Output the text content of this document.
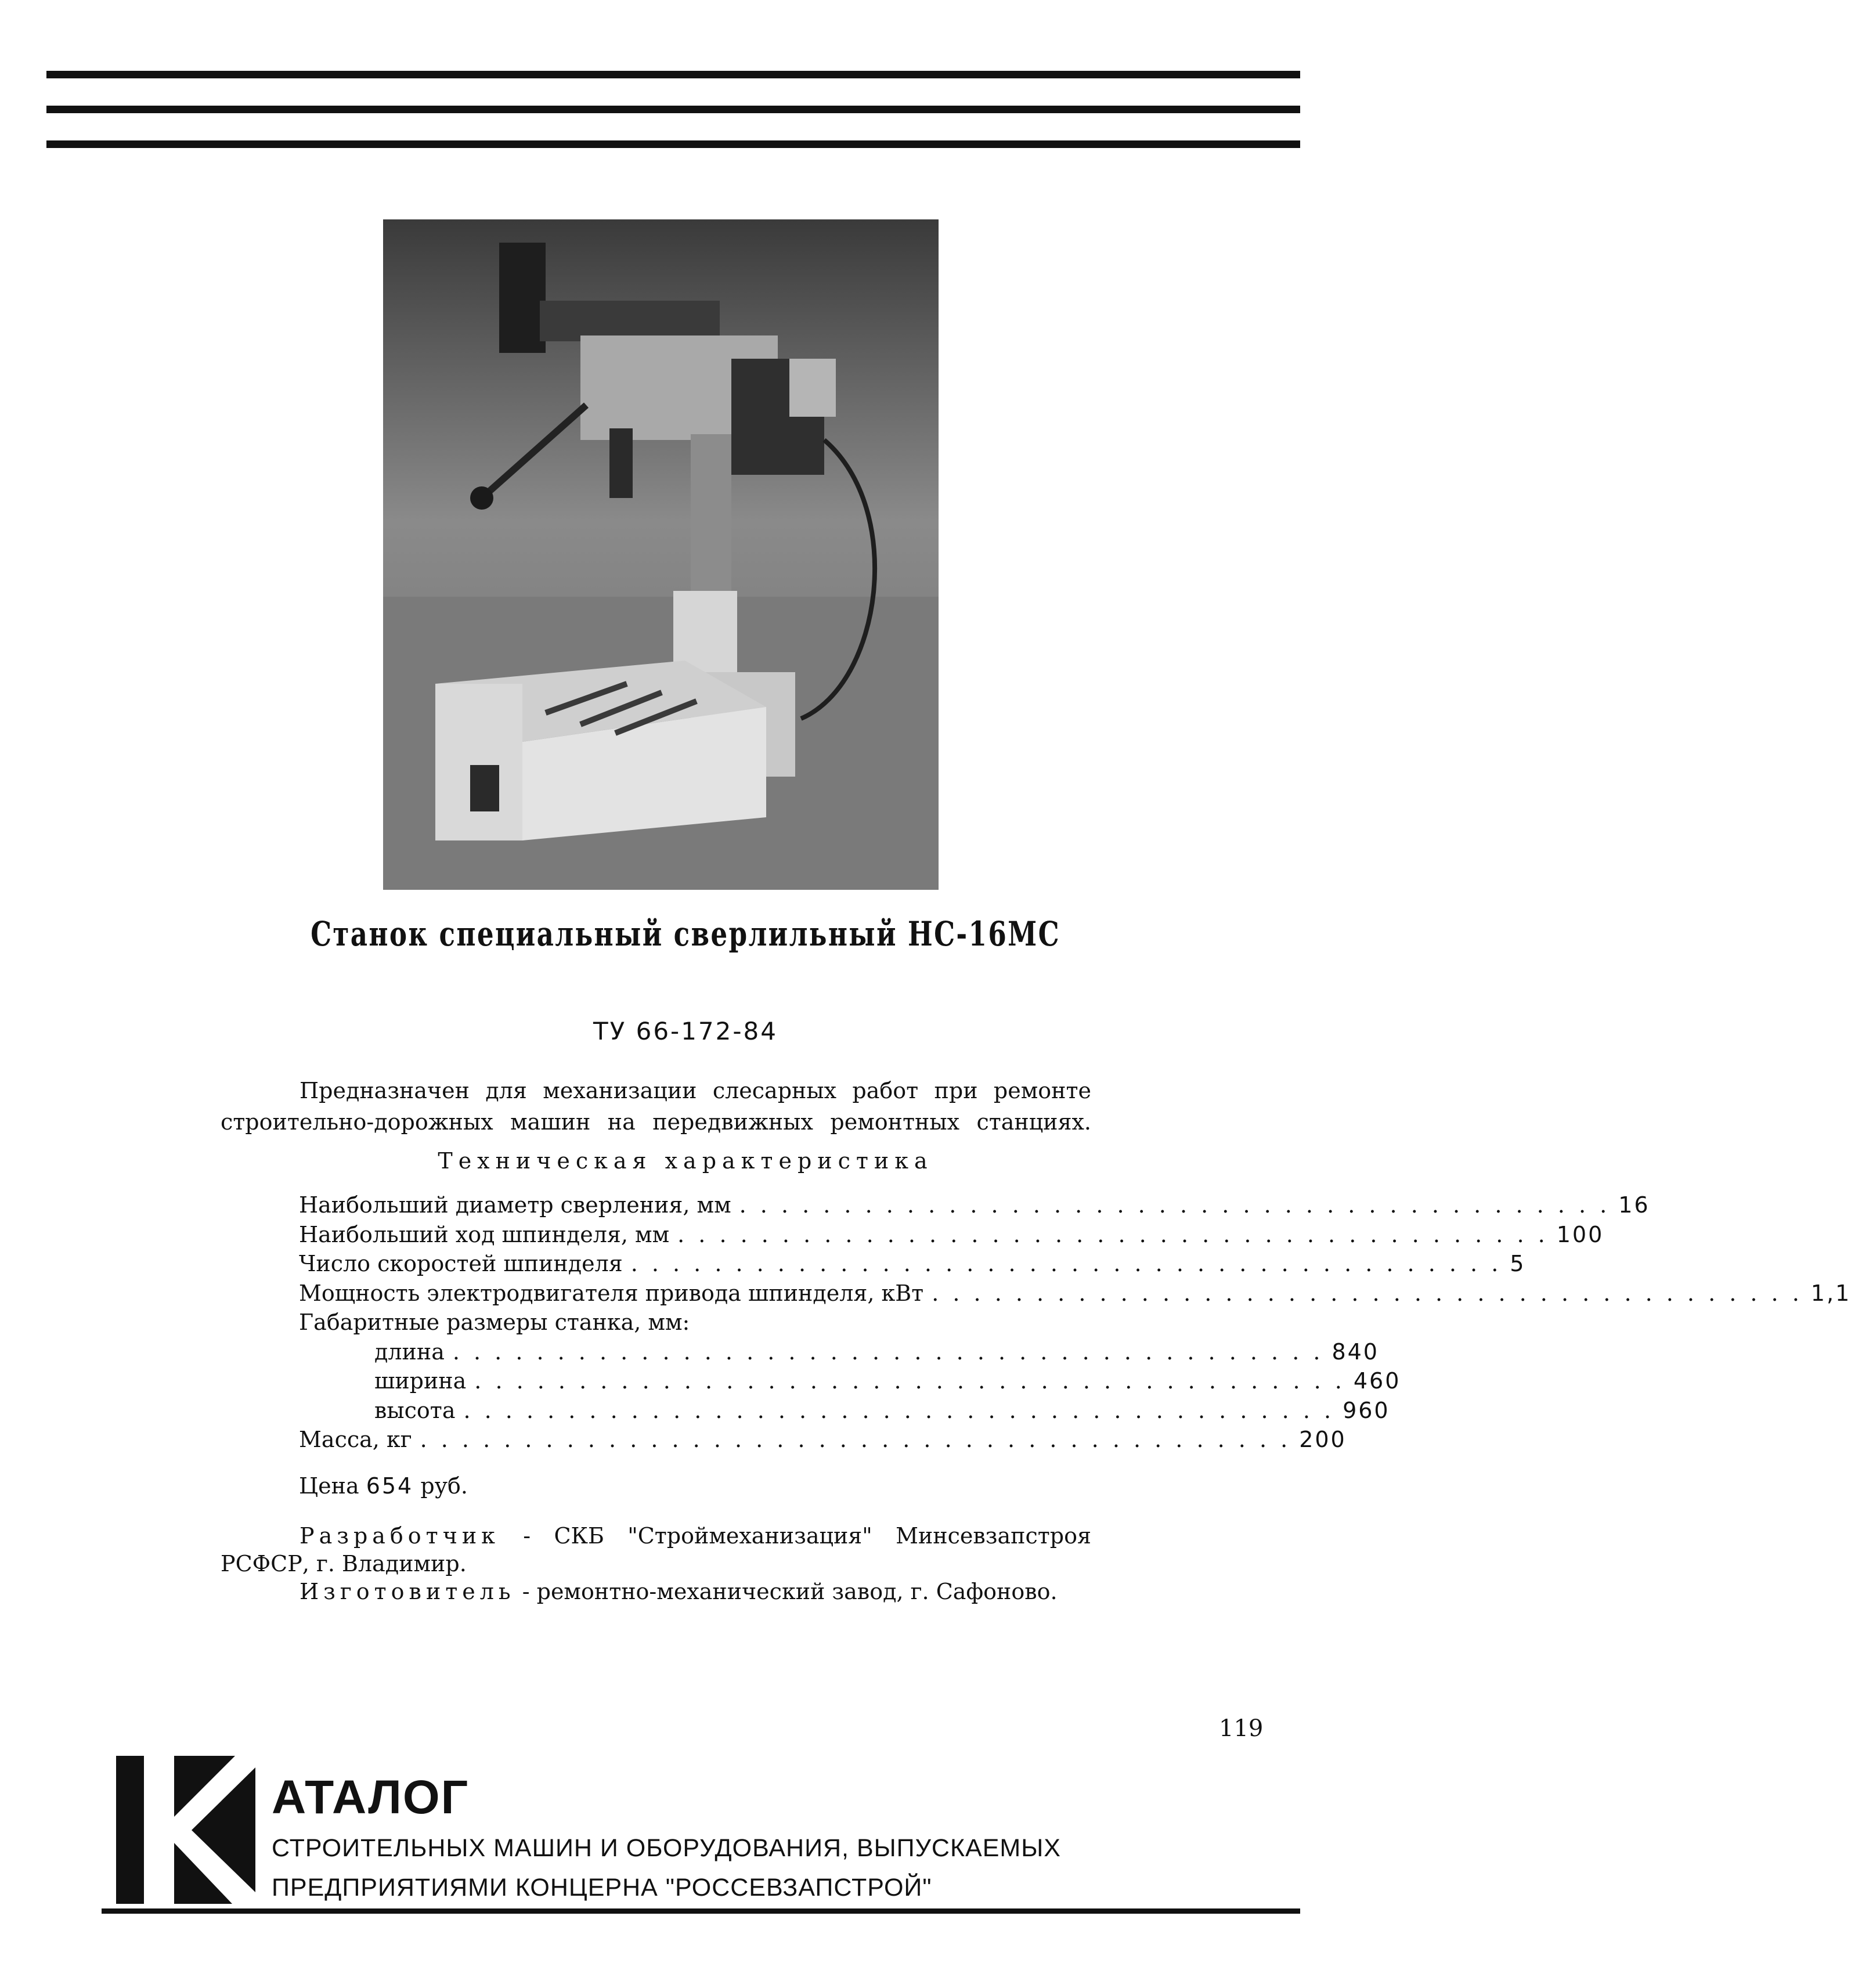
Станок специальный сверлильный НС-16МС
ТУ 66-172-84
Предназначен для механизации слесарных работ при ремонте
строительно-дорожных машин на передвижных ремонтных станциях.
Техническая характеристика
Наибольший диаметр сверления, мм . . . . . . . . . . . . . . . . . . . . . . . . . . . . . . . . . . . . . . . . . . 16
Наибольший ход шпинделя, мм . . . . . . . . . . . . . . . . . . . . . . . . . . . . . . . . . . . . . . . . . . 100
Число скоростей шпинделя . . . . . . . . . . . . . . . . . . . . . . . . . . . . . . . . . . . . . . . . . . 5
Мощность электродвигателя привода шпинделя, кВт . . . . . . . . . . . . . . . . . . . . . . . . . . . . . . . . . . . . . . . . . . 1,1
Габаритные размеры станка, мм:
длина . . . . . . . . . . . . . . . . . . . . . . . . . . . . . . . . . . . . . . . . . . 840
ширина . . . . . . . . . . . . . . . . . . . . . . . . . . . . . . . . . . . . . . . . . . 460
высота . . . . . . . . . . . . . . . . . . . . . . . . . . . . . . . . . . . . . . . . . . 960
Масса, кг . . . . . . . . . . . . . . . . . . . . . . . . . . . . . . . . . . . . . . . . . . 200
Цена 654 руб.
Разработчик - СКБ "Строймеханизация" Минсевзапстроя
РСФСР, г. Владимир.
Изготовитель - ремонтно-механический завод, г. Сафоново.
119
АТАЛОГ
СТРОИТЕЛЬНЫХ МАШИН И ОБОРУДОВАНИЯ, ВЫПУСКАЕМЫХ
ПРЕДПРИЯТИЯМИ КОНЦЕРНА "РОССЕВЗАПСТРОЙ"
